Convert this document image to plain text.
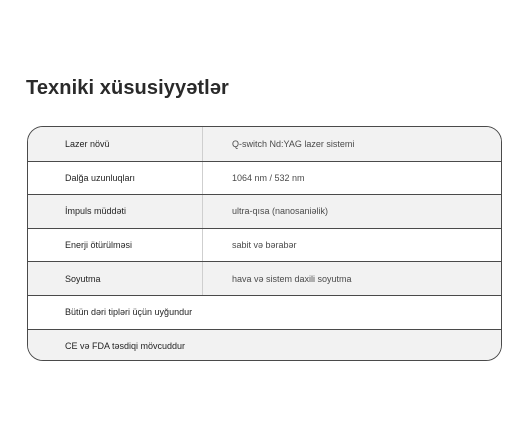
Texniki xüsusiyyətlər
Lazer növü	Q-switch Nd:YAG lazer sistemi
Dalğa uzunluqları	1064 nm / 532 nm
İmpuls müddəti	ultra-qısa (nanosaniəlik)
Enerji ötürülməsi	sabit və bərabər
Soyutma	hava və sistem daxili soyutma
Bütün dəri tipləri üçün uyğundur
CE və FDA təsdiqi mövcuddur
